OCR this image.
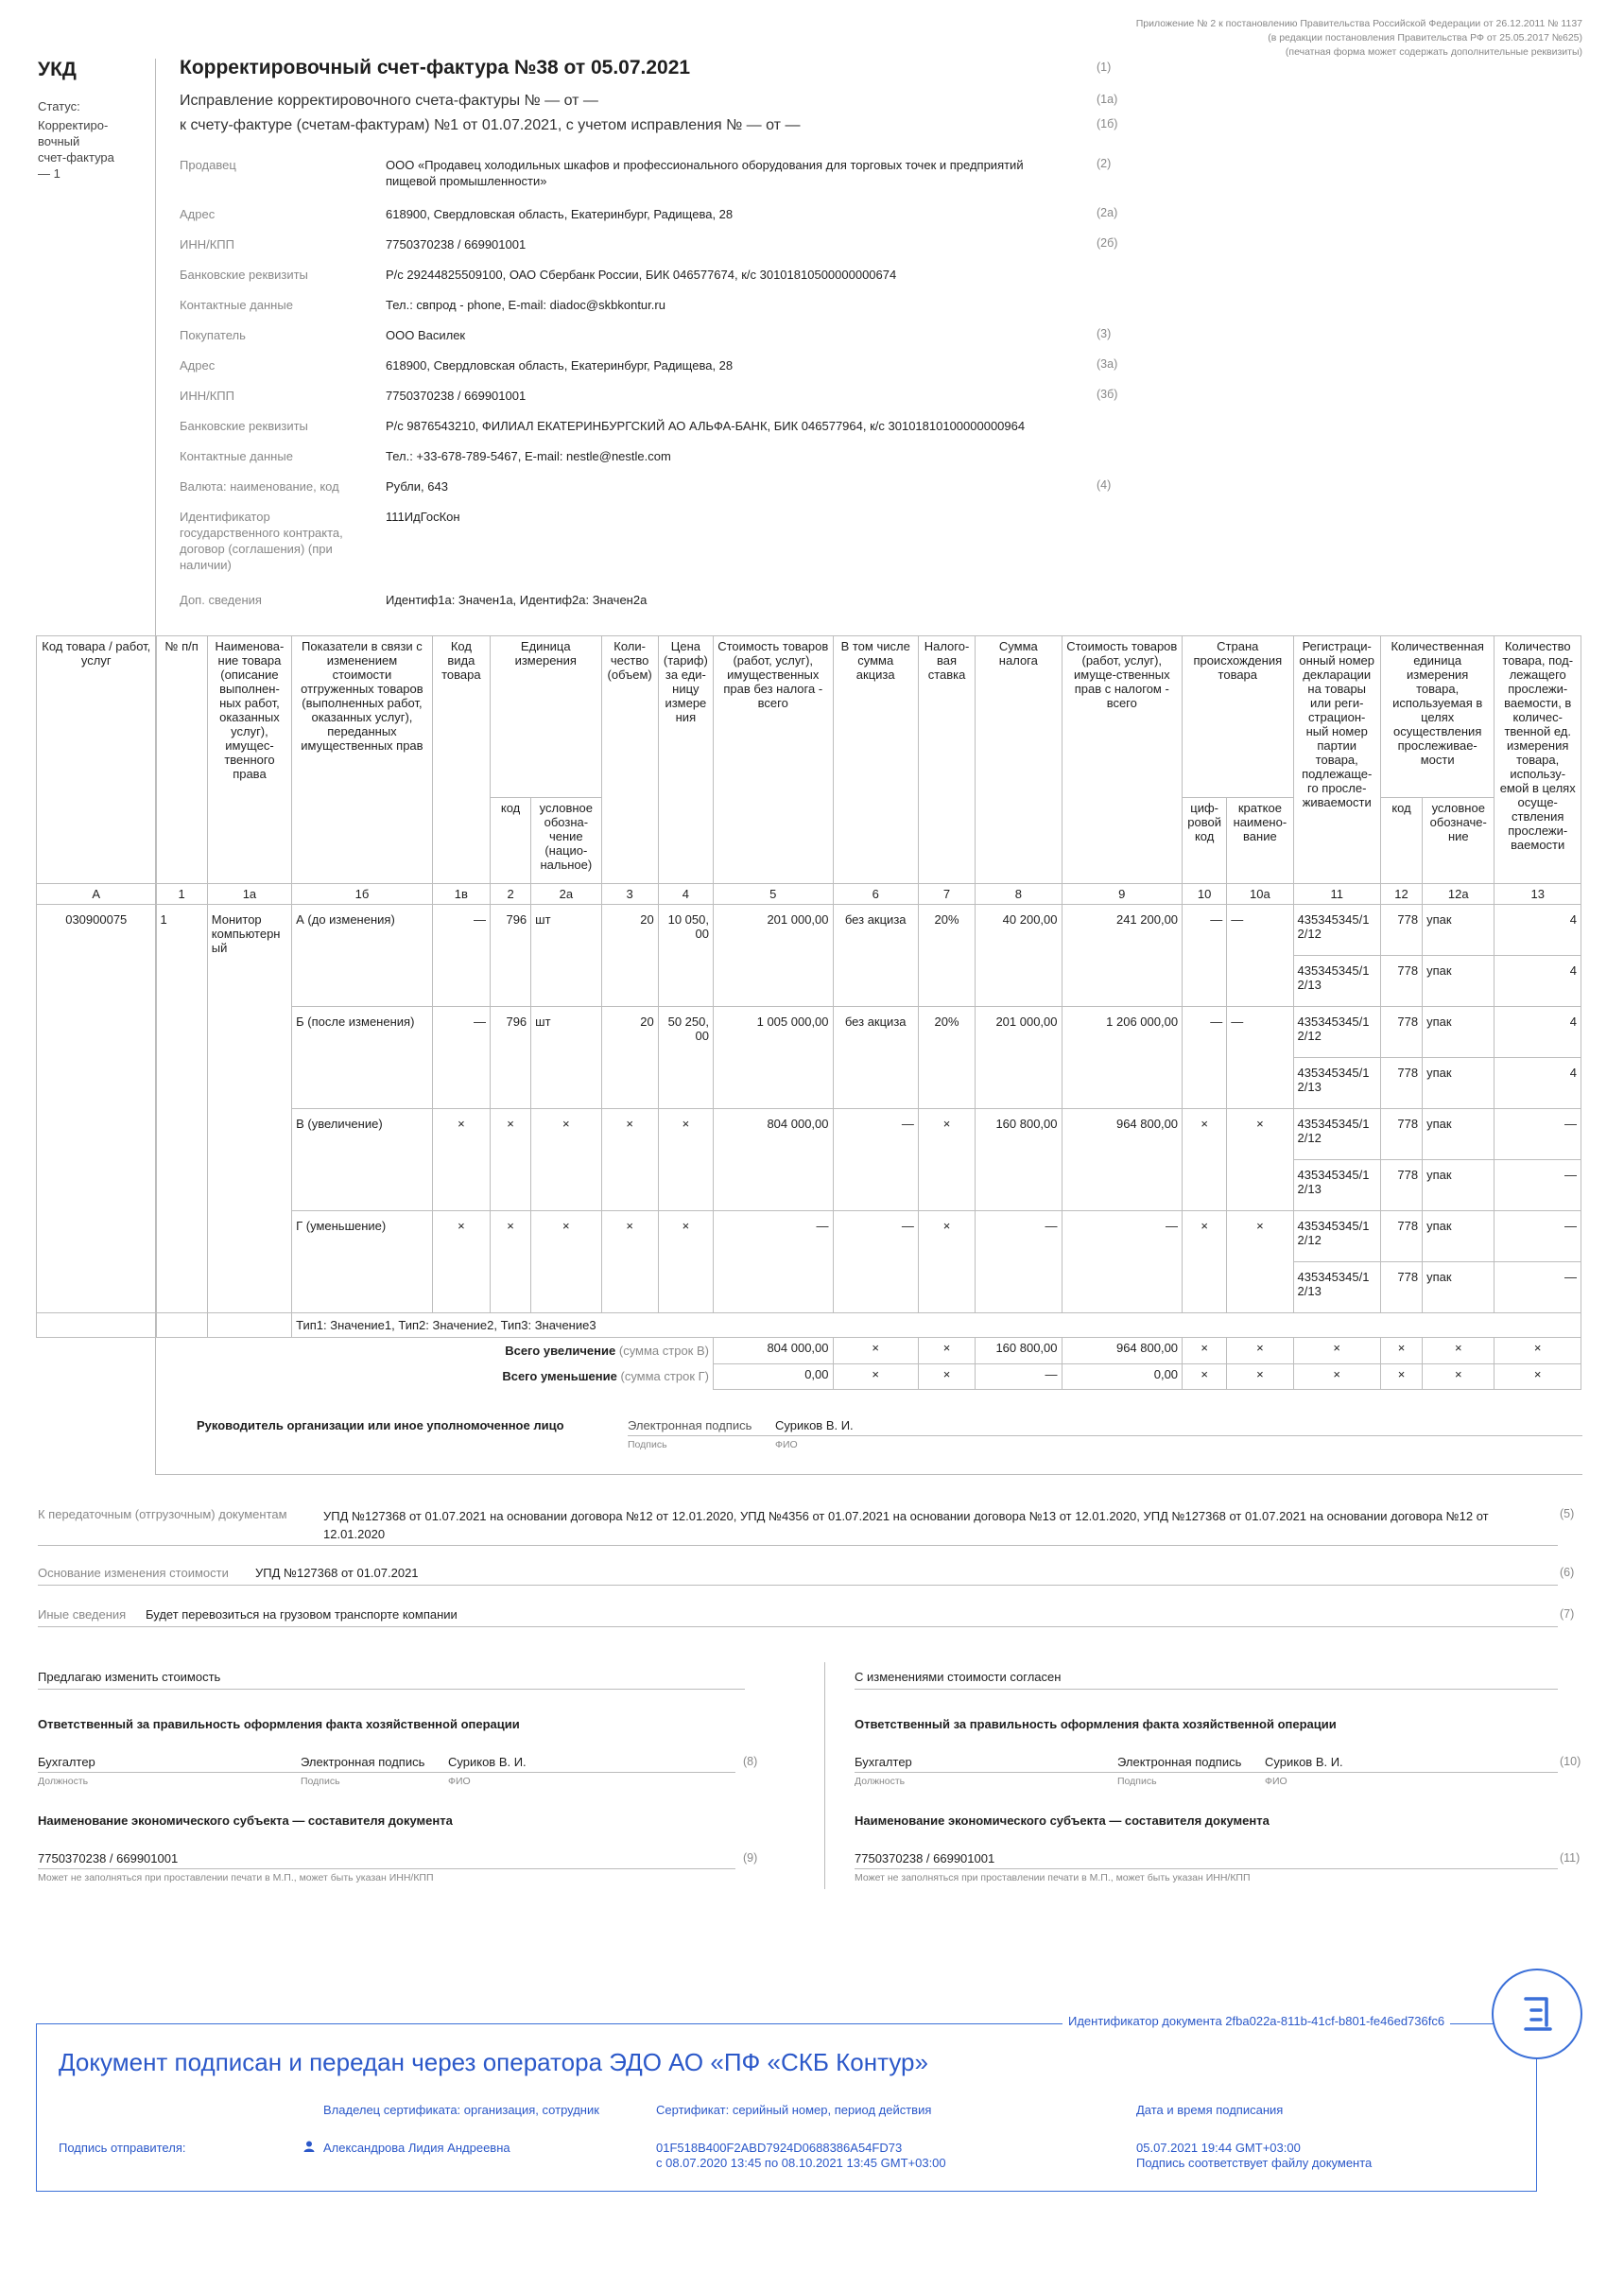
Приложение № 2 к постановлению Правительства Российской Федерации от 26.12.2011 № 1137
(в редакции постановления Правительства РФ от 25.05.2017 №625)
(печатная форма может содержать дополнительные реквизиты)
УКД
Статус:
Корректиро-
вочный
счет-фактура
— 1
Корректировочный счет-фактура №38 от 05.07.2021	(1)
Исправление корректировочного счета-фактуры № — от —	(1а)
к счету-фактуре (счетам-фактурам) №1 от 01.07.2021, с учетом исправления № — от —	(1б)
Продавец	ООО «Продавец холодильных шкафов и профессионального оборудования для торговых точек и предприятий пищевой промышленности»
(2)
Адрес	618900, Свердловская область, Екатеринбург, Радищева, 28	(2а)
ИНН/КПП	7750370238 / 669901001	(2б)
Банковские реквизиты	Р/с 29244825509100, ОАО Сбербанк России, БИК 046577674, к/с 30101810500000000674
Контактные данные	Тел.: свпрод - phone, E-mail: diadoc@skbkontur.ru
Покупатель	ООО Василек	(3)
Адрес	618900, Свердловская область, Екатеринбург, Радищева, 28	(3а)
ИНН/КПП	7750370238 / 669901001	(3б)
Банковские реквизиты	Р/с 9876543210, ФИЛИАЛ ЕКАТЕРИНБУРГСКИЙ АО АЛЬФА-БАНК, БИК 046577964, к/с 30101810100000000964
Контактные данные	Тел.: +33-678-789-5467, E-mail: nestle@nestle.com
Валюта: наименование, код	Рубли, 643	(4)
Идентификатор государственного контракта, договор (соглашения) (при наличии)
111ИдГосКон
Доп. сведения	Идентиф1а: Значен1а, Идентиф2а: Значен2а
Код товара / работ, услуг	№ п/п	Наименова-ние товара (описание выполнен-ных работ, оказанных услуг), имущес-твенного права	Показатели в связи с изменением стоимости отгруженных товаров (выполненных работ, оказанных услуг), переданных имущественных прав	Код вида товара	Единица измерения		Коли-чество (объем)	Цена (тариф) за еди-ницу измере ния	Стоимость товаров (работ, услуг), имущественных прав без налога - всего	В том числе сумма акциза	Налого-вая ставка	Сумма налога	Стоимость товаров (работ, услуг), имуще-ственных прав с налогом - всего	Страна происхождения товара		Регистраци-онный номер декларации на товары или реги-страцион-ный номер партии товара, подлежаще-го просле-живаемости	Количественная единица измерения товара, используемая в целях осуществления прослеживае-мости		Количество товара, под-лежащего прослежи-ваемости, в количес-твенной ед. измерения товара, использу-емой в целях осуще-ствления прослежи-ваемости
					код	условное обозна-чение (нацио-нальное)								циф-ровой код	краткое наимено-вание		код	условное обозначе-ние	
А	1	1а	1б	1в	2	2а	3	4	5	6	7	8	9	10	10а	11	12	12а	13
030900075	1	Монитор компьютерн ый	А (до изменения)	—	796	шт	20	10 050, 00	201 000,00	без акциза	20%	40 200,00	241 200,00	—	—	435345345/1 2/12	778	упак	4
																435345345/1 2/13	778	упак	4
			Б (после изменения)	—	796	шт	20	50 250, 00	1 005 000,00	без акциза	20%	201 000,00	1 206 000,00	—	—	435345345/1 2/12	778	упак	4
																435345345/1 2/13	778	упак	4
			В (увеличение)	×	×	×	×	×	804 000,00	—	×	160 800,00	964 800,00	×	×	435345345/1 2/12	778	упак	—
																435345345/1 2/13	778	упак	—
			Г (уменьшение)	×	×	×	×	×	—	—	×	—	—	×	×	435345345/1 2/12	778	упак	—
																435345345/1 2/13	778	упак	—
			Тип1: Значение1, Тип2: Значение2, Тип3: Значение3																
Всего увеличение (сумма строк В)									804 000,00	×	×	160 800,00	964 800,00	×	×	×	×	×	×
Всего уменьшение (сумма строк Г)									0,00	×	×	—	0,00	×	×	×	×	×	×
Руководитель организации или иное уполномоченное лицо	Электронная подпись Суриков В. И.
Подпись	ФИО
К передаточным (отгрузочным) документам	УПД №127368 от 01.07.2021 на основании договора №12 от 12.01.2020, УПД №4356 от 01.07.2021 на основании договора №13 от 12.01.2020, УПД №127368 от 01.07.2021 на основании договора №12 от 12.01.2020
(5)
Основание изменения стоимости УПД №127368 от 01.07.2021	(6)
Иные сведения Будет перевозиться на грузовом транспорте компании	(7)
Предлагаю изменить стоимость
Ответственный за правильность оформления факта хозяйственной операции
Бухгалтер	Электронная подпись Суриков В. И.	(8)
Должность	Подпись	ФИО
Наименование экономического субъекта — составителя документа
7750370238 / 669901001	(9)
Может не заполняться при проставлении печати в М.П., может быть указан ИНН/КПП
С изменениями стоимости согласен
Ответственный за правильность оформления факта хозяйственной операции
Бухгалтер	Электронная подпись Суриков В. И.	(10)
Должность	Подпись	ФИО
Наименование экономического субъекта — составителя документа
7750370238 / 669901001	(11)
Может не заполняться при проставлении печати в М.П., может быть указан ИНН/КПП
Идентификатор документа 2fba022a-811b-41cf-b801-fe46ed736fc6
Документ подписан и передан через оператора ЭДО АО «ПФ «СКБ Контур»
Владелец сертификата: организация, сотрудник	Сертификат: серийный номер, период действия	Дата и время подписания
Подпись отправителя:	Александрова Лидия Андреевна	01F518B400F2ABD7924D0688386A54FD73
с 08.07.2020 13:45 по 08.10.2021 13:45 GMT+03:00
05.07.2021 19:44 GMT+03:00
Подпись соответствует файлу документа
